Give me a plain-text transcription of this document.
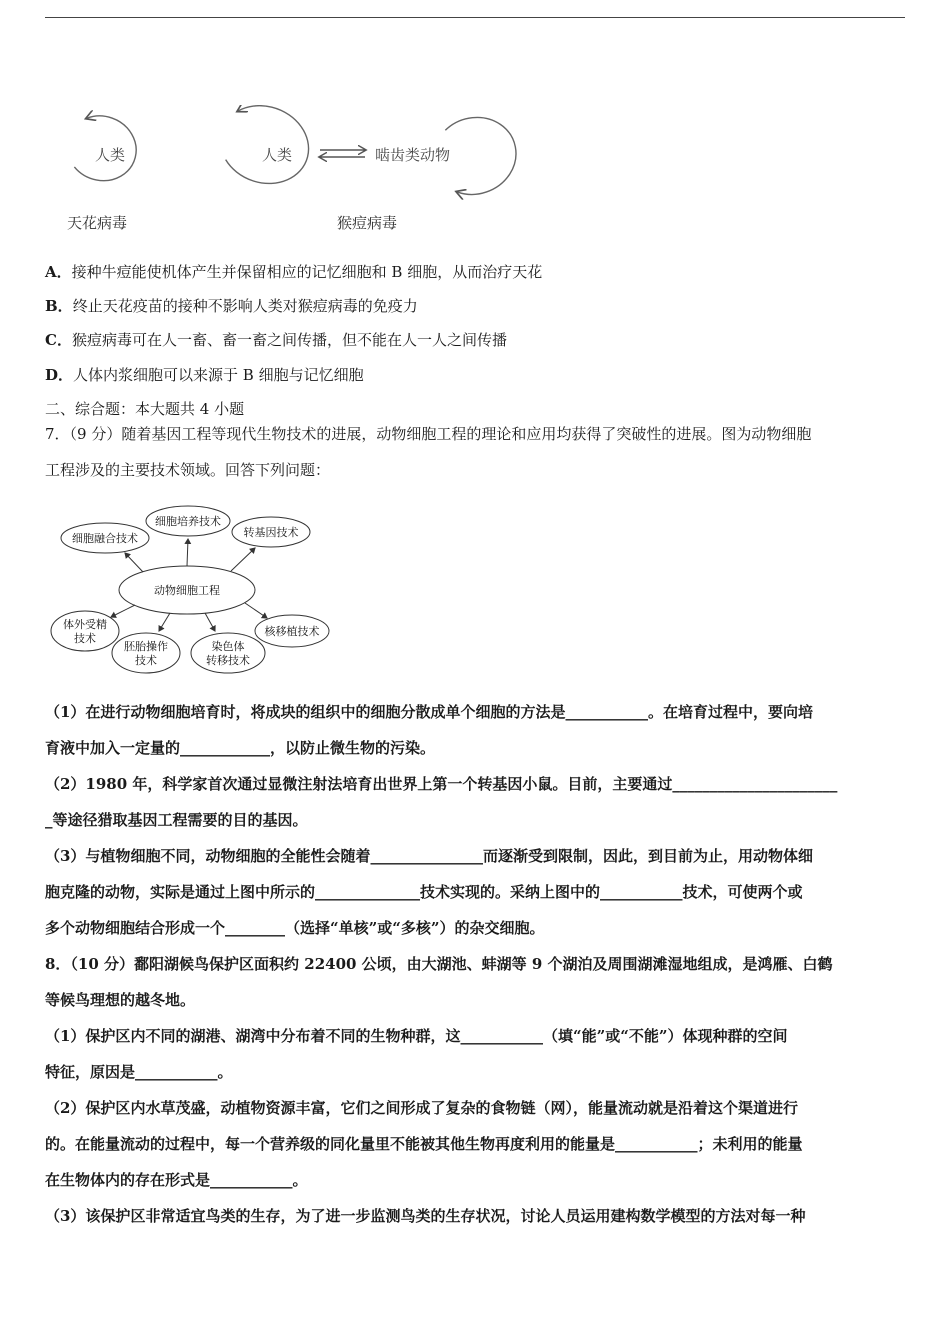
人类
天花病毒
人类	啮齿类动物
猴痘病毒
A．接种牛痘能使机体产生并保留相应的记忆细胞和 B 细胞，从而治疗天花
B．终止天花疫苗的接种不影响人类对猴痘病毒的免疫力
C．猴痘病毒可在人一畜、畜一畜之间传播，但不能在人一人之间传播
D．人体内浆细胞可以来源于 B 细胞与记忆细胞
二、综合题：本大题共 4 小题
7．（9 分）随着基因工程等现代生物技术的进展，动物细胞工程的理论和应用均获得了突破性的进展。图为动物细胞
工程涉及的主要技术领域。回答下列问题：
动物细胞工程
细胞培养技术
细胞融合技术	转基因技术
体外受精
技术
胚胎操作
技术
染色体
转移技术
核移植技术
（1）在进行动物细胞培育时，将成块的组织中的细胞分散成单个细胞的方法是___________。在培育过程中，要向培
育液中加入一定量的____________，以防止微生物的污染。
（2）1980 年，科学家首次通过显微注射法培育出世界上第一个转基因小鼠。目前，主要通过______________________
_等途径猎取基因工程需要的目的基因。
（3）与植物细胞不同，动物细胞的全能性会随着_______________而逐渐受到限制，因此，到目前为止，用动物体细
胞克隆的动物，实际是通过上图中所示的______________技术实现的。采纳上图中的___________技术，可使两个或
多个动物细胞结合形成一个________（选择“单核”或“多核”）的杂交细胞。
8．（10 分）鄱阳湖候鸟保护区面积约 22400 公顷，由大湖池、蚌湖等 9 个湖泊及周围湖滩湿地组成，是鸿雁、白鹤
等候鸟理想的越冬地。
（1）保护区内不同的湖港、湖湾中分布着不同的生物种群，这___________（填“能”或“不能”）体现种群的空间
特征，原因是___________。
（2）保护区内水草茂盛，动植物资源丰富，它们之间形成了复杂的食物链（网），能量流动就是沿着这个渠道进行
的。在能量流动的过程中，每一个营养级的同化量里不能被其他生物再度利用的能量是___________；未利用的能量
在生物体内的存在形式是___________。
（3）该保护区非常适宜鸟类的生存，为了进一步监测鸟类的生存状况，讨论人员运用建构数学模型的方法对每一种
